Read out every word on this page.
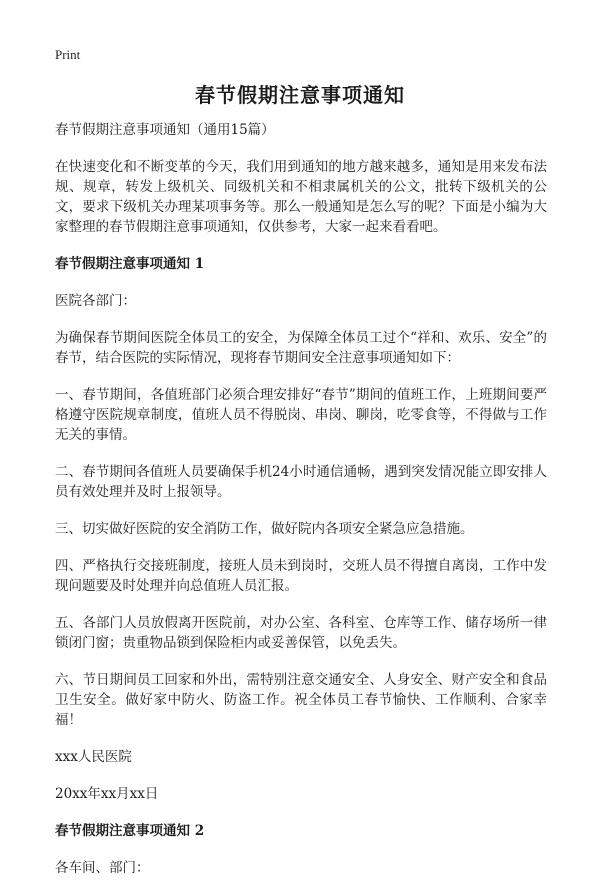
Print
春节假期注意事项通知

春节假期注意事项通知（通用15篇）

在快速变化和不断变革的今天，我们用到通知的地方越来越多，通知是用来发布法规、规章，转发上级机关、同级机关和不相隶属机关的公文，批转下级机关的公文，要求下级机关办理某项事务等。那么一般通知是怎么写的呢？下面是小编为大家整理的春节假期注意事项通知，仅供参考，大家一起来看看吧。

春节假期注意事项通知 1

医院各部门：

为确保春节期间医院全体员工的安全，为保障全体员工过个“祥和、欢乐、安全”的春节，结合医院的实际情况，现将春节期间安全注意事项通知如下：

一、春节期间，各值班部门必须合理安排好“春节”期间的值班工作，上班期间要严格遵守医院规章制度，值班人员不得脱岗、串岗、聊岗，吃零食等，不得做与工作无关的事情。

二、春节期间各值班人员要确保手机24小时通信通畅，遇到突发情况能立即安排人员有效处理并及时上报领导。

三、切实做好医院的安全消防工作，做好院内各项安全紧急应急措施。

四、严格执行交接班制度，接班人员未到岗时，交班人员不得擅自离岗，工作中发现问题要及时处理并向总值班人员汇报。

五、各部门人员放假离开医院前，对办公室、各科室、仓库等工作、储存场所一律锁闭门窗；贵重物品锁到保险柜内或妥善保管，以免丢失。

六、节日期间员工回家和外出，需特别注意交通安全、人身安全、财产安全和食品卫生安全。做好家中防火、防盗工作。祝全体员工春节愉快、工作顺利、合家幸福！

xxx人民医院

20xx年xx月xx日

春节假期注意事项通知 2

各车间、部门：
